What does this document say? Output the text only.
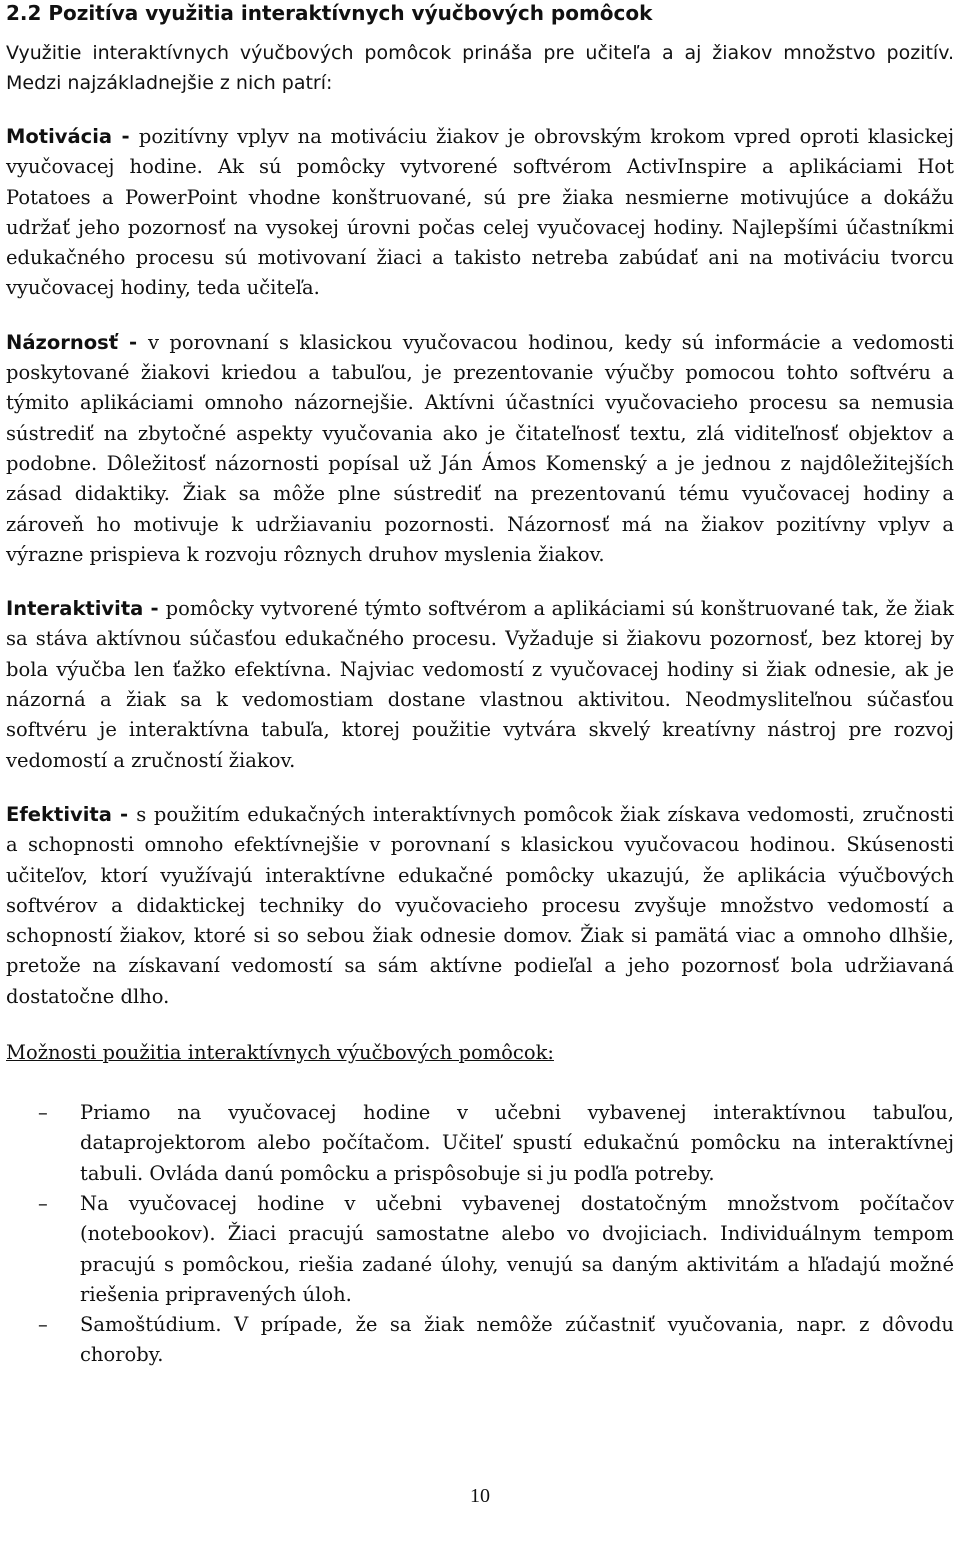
2.2 Pozitíva využitia interaktívnych výučbových pomôcok

Využitie interaktívnych výučbových pomôcok prináša pre učiteľa a aj žiakov množstvo pozitív. Medzi najzákladnejšie z nich patrí:

Motivácia - pozitívny vplyv na motiváciu žiakov je obrovským krokom vpred oproti klasickej vyučovacej hodine. Ak sú pomôcky vytvorené softvérom ActivInspire a aplikáciami Hot Potatoes a PowerPoint vhodne konštruované, sú pre žiaka nesmierne motivujúce a dokážu udržať jeho pozornosť na vysokej úrovni počas celej vyučovacej hodiny. Najlepšími účastníkmi edukačného procesu sú motivovaní žiaci a takisto netreba zabúdať ani na motiváciu tvorcu vyučovacej hodiny, teda učiteľa.

Názornosť - v porovnaní s klasickou vyučovacou hodinou, kedy sú informácie a vedomosti poskytované žiakovi kriedou a tabuľou, je prezentovanie výučby pomocou tohto softvéru a týmito aplikáciami omnoho názornejšie. Aktívni účastníci vyučovacieho procesu sa nemusia sústrediť na zbytočné aspekty vyučovania ako je čitateľnosť textu, zlá viditeľnosť objektov a podobne. Dôležitosť názornosti popísal už Ján Ámos Komenský a je jednou z najdôležitejších zásad didaktiky. Žiak sa môže plne sústrediť na prezentovanú tému vyučovacej hodiny a zároveň ho motivuje k udržiavaniu pozornosti. Názornosť má na žiakov pozitívny vplyv a výrazne prispieva k rozvoju rôznych druhov myslenia žiakov.

Interaktivita - pomôcky vytvorené týmto softvérom a aplikáciami sú konštruované tak, že žiak sa stáva aktívnou súčasťou edukačného procesu. Vyžaduje si žiakovu pozornosť, bez ktorej by bola výučba len ťažko efektívna. Najviac vedomostí z vyučovacej hodiny si žiak odnesie, ak je názorná a žiak sa k vedomostiam dostane vlastnou aktivitou. Neodmysliteľnou súčasťou softvéru je interaktívna tabuľa, ktorej použitie vytvára skvelý kreatívny nástroj pre rozvoj vedomostí a zručností žiakov.

Efektivita - s použitím edukačných interaktívnych pomôcok žiak získava vedomosti, zručnosti a schopnosti omnoho efektívnejšie v porovnaní s klasickou vyučovacou hodinou. Skúsenosti učiteľov, ktorí využívajú interaktívne edukačné pomôcky ukazujú, že aplikácia výučbových softvérov a didaktickej techniky do vyučovacieho procesu zvyšuje množstvo vedomostí a schopností žiakov, ktoré si so sebou žiak odnesie domov. Žiak si pamätá viac a omnoho dlhšie, pretože na získavaní vedomostí sa sám aktívne podieľal a jeho pozornosť bola udržiavaná dostatočne dlho.

Možnosti použitia interaktívnych výučbových pomôcok:

–	Priamo na vyučovacej hodine v učebni vybavenej interaktívnou tabuľou, dataprojektorom alebo počítačom. Učiteľ spustí edukačnú pomôcku na interaktívnej tabuli. Ovláda danú pomôcku a prispôsobuje si ju podľa potreby.
–	Na vyučovacej hodine v učebni vybavenej dostatočným množstvom počítačov (notebookov). Žiaci pracujú samostatne alebo vo dvojiciach. Individuálnym tempom pracujú s pomôckou, riešia zadané úlohy, venujú sa daným aktivitám a hľadajú možné riešenia pripravených úloh.
–	Samoštúdium. V prípade, že sa žiak nemôže zúčastniť vyučovania, napr. z dôvodu choroby.
10
